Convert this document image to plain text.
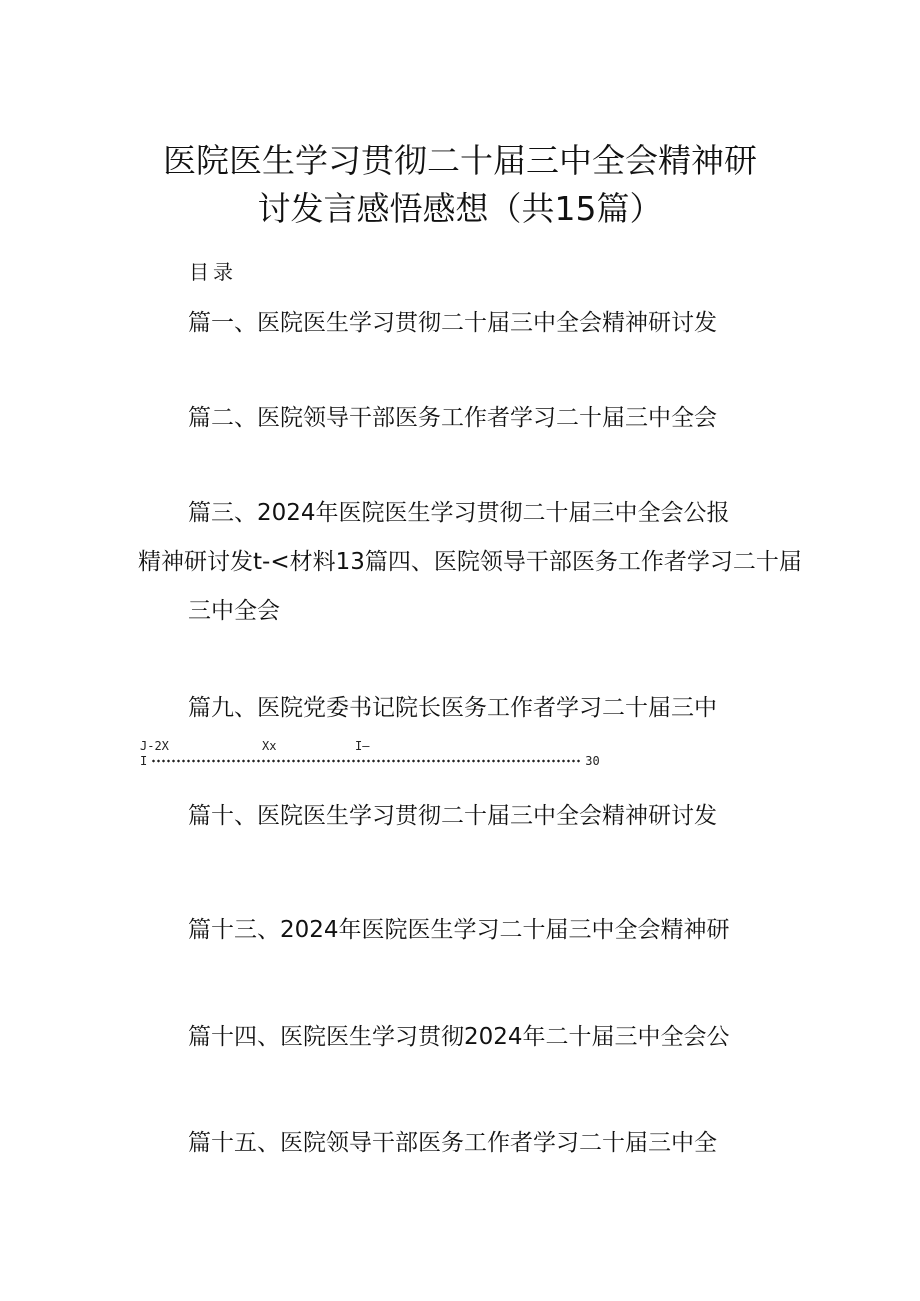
医院医生学习贯彻二十届三中全会精神研
讨发言感悟感想（共15篇）
目录
篇一、医院医生学习贯彻二十届三中全会精神研讨发
篇二、医院领导干部医务工作者学习二十届三中全会
篇三、2024年医院医生学习贯彻二十届三中全会公报
精神研讨发t-<材料13篇四、医院领导干部医务工作者学习二十届
三中全会
篇九、医院党委书记院长医务工作者学习二十届三中
J-2X	Xx	I—
I	30
篇十、医院医生学习贯彻二十届三中全会精神研讨发
篇十三、2024年医院医生学习二十届三中全会精神研
篇十四、医院医生学习贯彻2024年二十届三中全会公
篇十五、医院领导干部医务工作者学习二十届三中全
